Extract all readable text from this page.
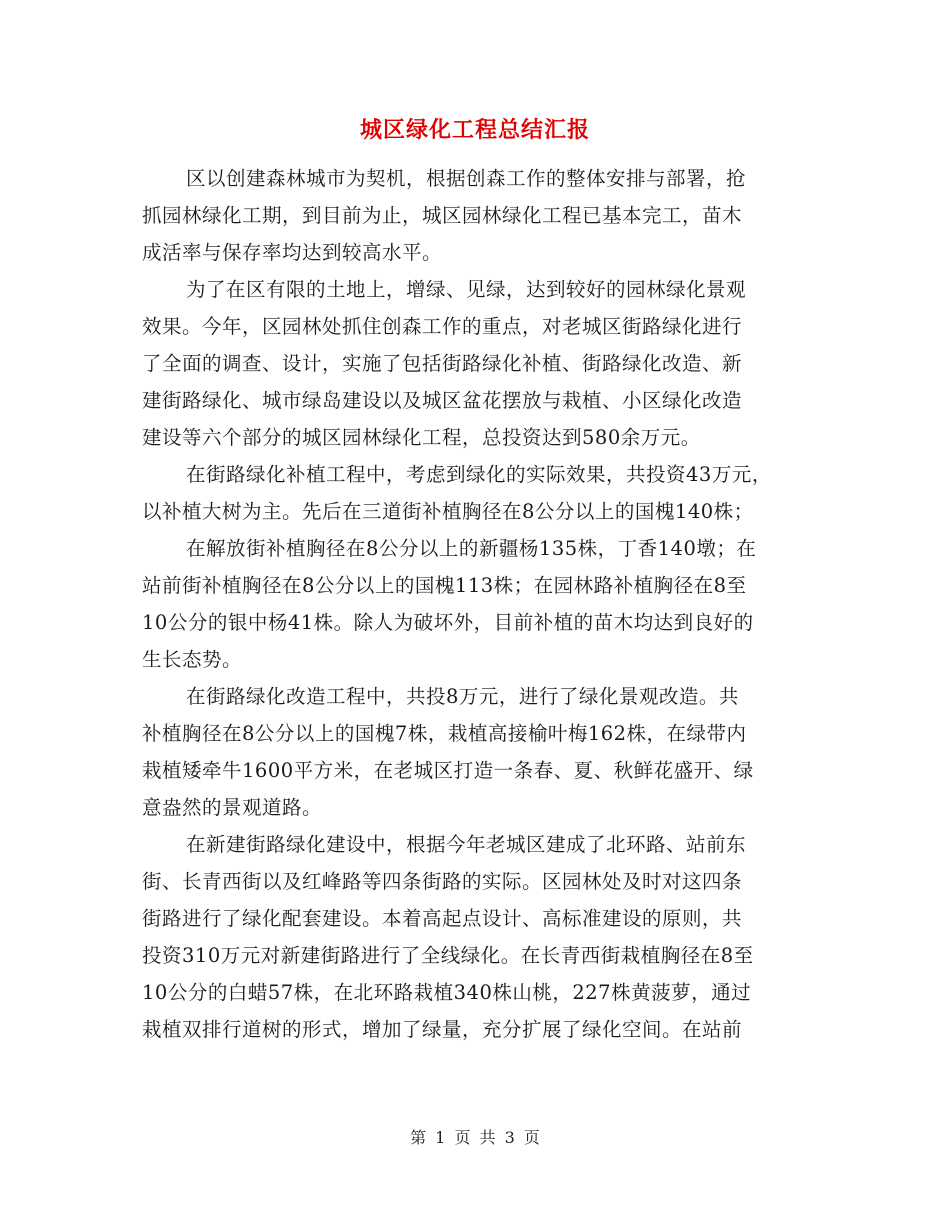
城区绿化工程总结汇报
区以创建森林城市为契机，根据创森工作的整体安排与部署，抢
抓园林绿化工期，到目前为止，城区园林绿化工程已基本完工，苗木
成活率与保存率均达到较高水平。
为了在区有限的土地上，增绿、见绿，达到较好的园林绿化景观
效果。今年，区园林处抓住创森工作的重点，对老城区街路绿化进行
了全面的调查、设计，实施了包括街路绿化补植、街路绿化改造、新
建街路绿化、城市绿岛建设以及城区盆花摆放与栽植、小区绿化改造
建设等六个部分的城区园林绿化工程，总投资达到580余万元。
在街路绿化补植工程中，考虑到绿化的实际效果，共投资43万元，
以补植大树为主。先后在三道街补植胸径在8公分以上的国槐140株；
在解放街补植胸径在8公分以上的新疆杨135株，丁香140墩；在
站前街补植胸径在8公分以上的国槐113株；在园林路补植胸径在8至
10公分的银中杨41株。除人为破坏外，目前补植的苗木均达到良好的
生长态势。
在街路绿化改造工程中，共投8万元，进行了绿化景观改造。共
补植胸径在8公分以上的国槐7株，栽植高接榆叶梅162株，在绿带内
栽植矮牵牛1600平方米，在老城区打造一条春、夏、秋鲜花盛开、绿
意盎然的景观道路。
在新建街路绿化建设中，根据今年老城区建成了北环路、站前东
街、长青西街以及红峰路等四条街路的实际。区园林处及时对这四条
街路进行了绿化配套建设。本着高起点设计、高标准建设的原则，共
投资310万元对新建街路进行了全线绿化。在长青西街栽植胸径在8至
10公分的白蜡57株，在北环路栽植340株山桃，227株黄菠萝，通过
栽植双排行道树的形式，增加了绿量，充分扩展了绿化空间。在站前
第 1 页 共 3 页
